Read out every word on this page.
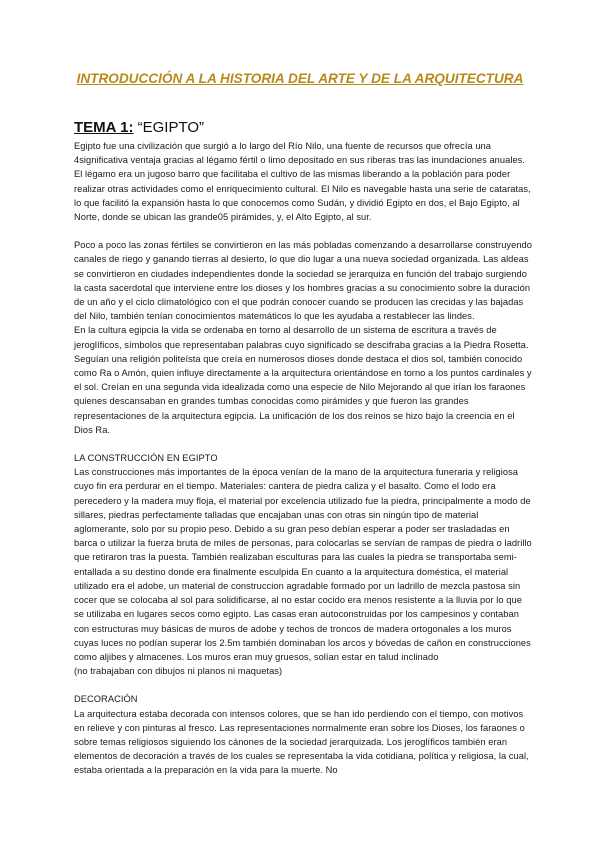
INTRODUCCIÓN A LA HISTORIA DEL ARTE Y DE LA ARQUITECTURA
TEMA 1: “EGIPTO”

Egipto fue una civilización que surgió a lo largo del Río Nilo, una fuente de recursos que ofrecía una 4significativa ventaja gracias al légamo fértil o limo depositado en sus riberas tras las inundaciones anuales. El légamo era un jugoso barro que facilitaba el cultivo de las mismas liberando a la población para poder realizar otras actividades como el enriquecimiento cultural. El Nilo es navegable hasta una serie de cataratas, lo que facilitó la expansión hasta lo que conocemos como Sudán, y dividió Egipto en dos, el Bajo Egipto, al Norte, donde se ubican las grande05 pirámides, y, el Alto Egipto, al sur.

Poco a poco las zonas fértiles se convirtieron en las más pobladas comenzando a desarrollarse construyendo canales de riego y ganando tierras al desierto, lo que dio lugar a una nueva sociedad organizada. Las aldeas se convirtieron en ciudades independientes donde la sociedad se jerarquiza en función del trabajo surgiendo la casta sacerdotal que interviene entre los dioses y los hombres gracias a su conocimiento sobre la duración de un año y el ciclo climatológico con el que podrán conocer cuando se producen las crecidas y las bajadas del Nilo, también tenían conocimientos matemáticos lo que les ayudaba a restablecer las lindes.

En la cultura egipcia la vida se ordenaba en torno al desarrollo de un sistema de escritura a través de jeroglíficos, símbolos que representaban palabras cuyo significado se descifraba gracias a la Piedra Rosetta. Seguían una religión politeísta que creía en numerosos dioses donde destaca el dios sol, también conocido como Ra o Amón, quien influye directamente a la arquitectura orientándose en torno a los puntos cardinales y el sol. Creían en una segunda vida idealizada como una especie de Nilo Mejorando al que irían los faraones quienes descansaban en grandes tumbas conocidas como pirámides y que fueron las grandes representaciones de la arquitectura egipcia. La unificación de los dos reinos se hizo bajo la creencia en el Dios Ra.

LA CONSTRUCCIÓN EN EGIPTO

Las construcciones más importantes de la época venían de la mano de la arquitectura funeraria y religiosa cuyo fin era perdurar en el tiempo. Materiales: cantera de piedra caliza y el basalto. Como el lodo era perecedero y la madera muy floja, el material por excelencia utilizado fue la piedra, principalmente a modo de sillares, piedras perfectamente talladas que encajaban unas con otras sin ningún tipo de material aglomerante, solo por su propio peso. Debido a su gran peso debían esperar a poder ser trasladadas en barca o utilizar la fuerza bruta de miles de personas, para colocarlas se servían de rampas de piedra o ladrillo que retiraron tras la puesta. También realizaban esculturas para las cuales la piedra se transportaba semi-entallada a su destino donde era finalmente esculpida En cuanto a la arquitectura doméstica, el material utilizado era el adobe, un material de construccion agradable formado por un ladrillo de mezcla pastosa sin cocer que se colocaba al sol para solidificarse, al no estar cocido era menos resistente a la lluvia por lo que se utilizaba en lugares secos como egipto. Las casas eran autoconstruidas por los campesinos y contaban con estructuras muy básicas de muros de adobe y techos de troncos de madera ortogonales a los muros cuyas luces no podían superar los 2.5m también dominaban los arcos y bóvedas de cañon en construcciones como aljibes y almacenes. Los muros eran muy gruesos, solían estar en talud inclinado

(no trabajaban con dibujos ni planos ni maquetas)

DECORACIÓN

La arquitectura estaba decorada con intensos colores, que se han ido perdiendo con el tiempo, con motivos en relieve y con pinturas al fresco. Las representaciones normalmente eran sobre los Dioses, los faraones o sobre temas religiosos siguiendo los cánones de la sociedad jerarquizada. Los jeroglíficos también eran elementos de decoración a través de los cuales se representaba la vida cotidiana, política y religiosa, la cual, estaba orientada a la preparación en la vida para la muerte. No
